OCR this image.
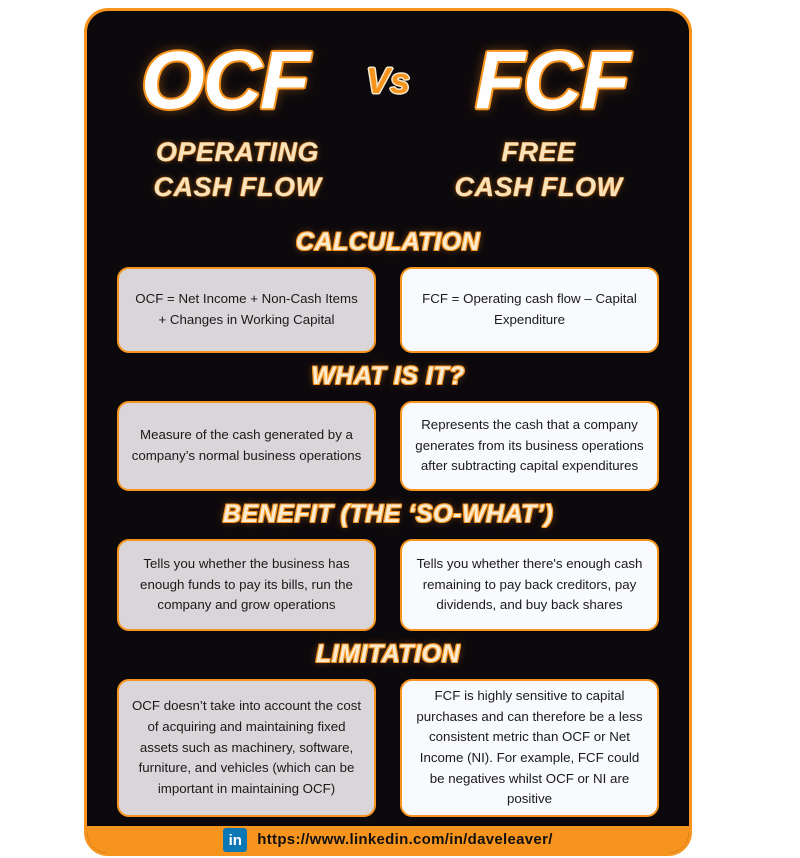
OCF	Vs FCF
OPERATING
CASH FLOW
FREE
CASH FLOW
CALCULATION
OCF = Net Income + Non-Cash Items + Changes in Working Capital
FCF = Operating cash flow – Capital Expenditure
WHAT IS IT?
Measure of the cash generated by a company’s normal business operations
Represents the cash that a company generates from its business operations after subtracting capital expenditures
BENEFIT (THE ‘SO-WHAT’)
Tells you whether the business has enough funds to pay its bills, run the company and grow operations
Tells you whether there's enough cash remaining to pay back creditors, pay dividends, and buy back shares
LIMITATION
OCF doesn’t take into account the cost of acquiring and maintaining fixed assets such as machinery, software, furniture, and vehicles (which can be important in maintaining OCF)
FCF is highly sensitive to capital purchases and can therefore be a less consistent metric than OCF or Net Income (NI). For example, FCF could be negatives whilst OCF or NI are positive
in	https://www.linkedin.com/in/daveleaver/
